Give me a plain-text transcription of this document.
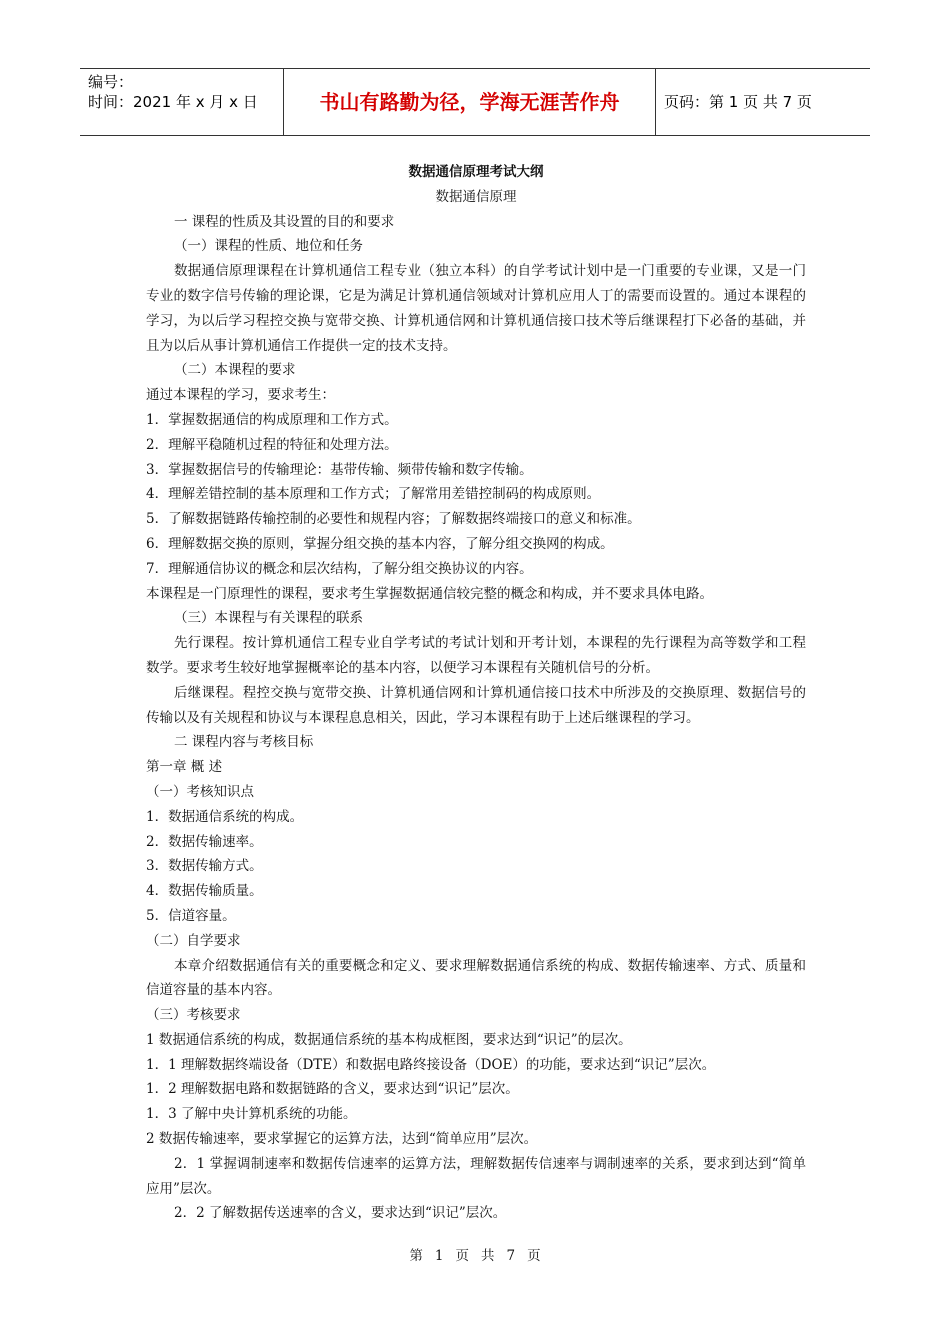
编号：
时间：2021 年 x 月 x 日	书山有路勤为径，学海无涯苦作舟	页码：第 1 页 共 7 页
数据通信原理考试大纲
数据通信原理
一 课程的性质及其设置的目的和要求
（一）课程的性质、地位和任务
数据通信原理课程在计算机通信工程专业（独立本科）的自学考试计划中是一门重要的专业课，又是一门专业的数字信号传输的理论课，它是为满足计算机通信领域对计算机应用人丁的需要而设置的。通过本课程的学习，为以后学习程控交换与宽带交换、计算机通信网和计算机通信接口技术等后继课程打下必备的基础，并且为以后从事计算机通信工作提供一定的技术支持。
（二）本课程的要求
通过本课程的学习，要求考生：
1．掌握数据通信的构成原理和工作方式。
2．理解平稳随机过程的特征和处理方法。
3．掌握数据信号的传输理论：基带传输、频带传输和数字传输。
4．理解差错控制的基本原理和工作方式；了解常用差错控制码的构成原则。
5．了解数据链路传输控制的必要性和规程内容；了解数据终端接口的意义和标准。
6．理解数据交换的原则，掌握分组交换的基本内容，了解分组交换网的构成。
7．理解通信协议的概念和层次结构，了解分组交换协议的内容。
本课程是一门原理性的课程，要求考生掌握数据通信较完整的概念和构成，并不要求具体电路。
（三）本课程与有关课程的联系
先行课程。按计算机通信工程专业自学考试的考试计划和开考计划，本课程的先行课程为高等数学和工程数学。要求考生较好地掌握概率论的基本内容，以便学习本课程有关随机信号的分析。
后继课程。程控交换与宽带交换、计算机通信网和计算机通信接口技术中所涉及的交换原理、数据信号的传输以及有关规程和协议与本课程息息相关，因此，学习本课程有助于上述后继课程的学习。
二 课程内容与考核目标
第一章 概 述
（一）考核知识点
1．数据通信系统的构成。
2．数据传输速率。
3．数据传输方式。
4．数据传输质量。
5．信道容量。
（二）自学要求
本章介绍数据通信有关的重要概念和定义、要求理解数据通信系统的构成、数据传输速率、方式、质量和信道容量的基本内容。
（三）考核要求
1 数据通信系统的构成，数据通信系统的基本构成框图，要求达到“识记”的层次。
1．1 理解数据终端设备（DTE）和数据电路终接设备（DOE）的功能，要求达到“识记”层次。
1．2 理解数据电路和数据链路的含义，要求达到“识记”层次。
1．3 了解中央计算机系统的功能。
2 数据传输速率，要求掌握它的运算方法，达到“简单应用”层次。
2．1 掌握调制速率和数据传信速率的运算方法，理解数据传信速率与调制速率的关系，要求到达到“简单应用”层次。
2．2 了解数据传送速率的含义，要求达到“识记”层次。
第 1 页 共 7 页
